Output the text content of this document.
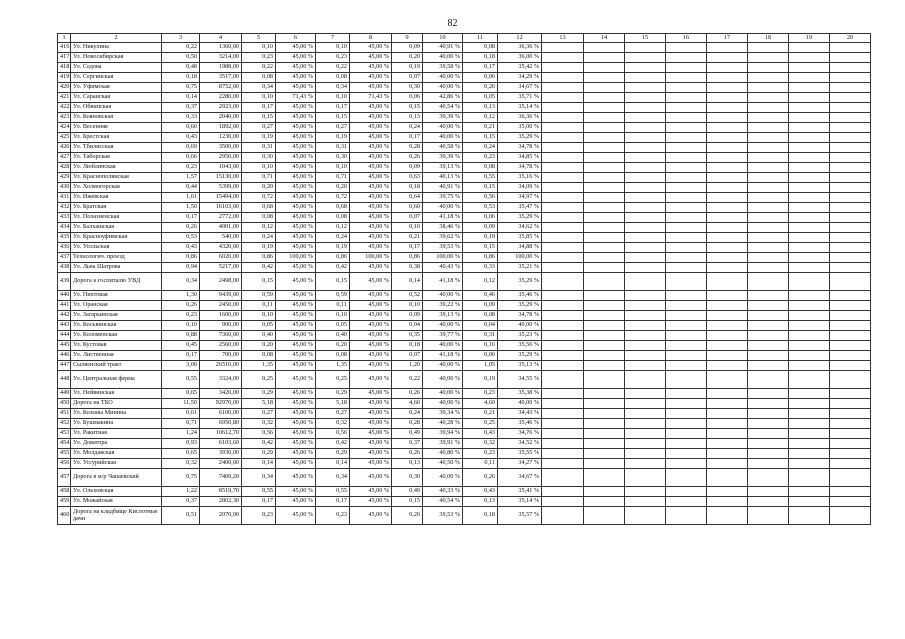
82
1	2	3	4	5	6	7	8	9	10	11	12	13	14	15	16	17	18	19	20
416	Ул. Никулина	0,22	1360,00	0,10	45,00 %	0,10	45,00 %	0,09	40,91 %	0,08	36,36 %								
417	Ул. Новосибирская	0,50	3214,00	0,23	45,00 %	0,23	45,00 %	0,20	40,00 %	0,18	36,00 %								
418	Ул. Седова	0,48	1988,00	0,22	45,00 %	0,22	45,00 %	0,19	39,58 %	0,17	35,42 %								
419	Ул. Сергинская	0,18	3517,00	0,08	45,00 %	0,08	45,00 %	0,07	40,00 %	0,06	34,29 %								
420	Ул. Уфимская	0,75	8752,00	0,34	45,00 %	0,34	45,00 %	0,30	40,00 %	0,26	34,67 %								
421	Ул. Саранская	0,14	2280,00	0,10	71,43 %	0,10	71,43 %	0,06	42,86 %	0,05	35,71 %								
422	Ул. Обвинская	0,37	2923,00	0,17	45,00 %	0,17	45,00 %	0,15	40,54 %	0,13	35,14 %								
423	Ул. Кояновская	0,33	2040,00	0,15	45,00 %	0,15	45,00 %	0,13	39,39 %	0,12	36,36 %								
424	Ул. Весенняя	0,60	1892,00	0,27	45,00 %	0,27	45,00 %	0,24	40,00 %	0,21	35,00 %								
425	Ул. Брестская	0,43	1230,00	0,19	45,00 %	0,19	45,00 %	0,17	40,00 %	0,15	35,29 %								
426	Ул. Тбилисская	0,69	3500,00	0,31	45,00 %	0,31	45,00 %	0,28	40,58 %	0,24	34,78 %								
427	Ул. Таборская	0,66	2950,00	0,30	45,00 %	0,30	45,00 %	0,26	39,39 %	0,23	34,85 %								
428	Ул. Люблинская	0,23	1043,00	0,10	45,00 %	0,10	45,00 %	0,09	39,13 %	0,08	34,78 %								
429	Ул. Краснополянская	1,57	15130,00	0,71	45,00 %	0,71	45,00 %	0,63	40,13 %	0,55	35,16 %								
430	Ул. Холмогорская	0,44	5399,00	0,20	45,00 %	0,20	45,00 %	0,18	40,91 %	0,15	34,09 %								
431	Ул. Ижевская	1,61	15494,00	0,72	45,00 %	0,72	45,00 %	0,64	39,75 %	0,56	34,97 %								
432	Ул. Братская	1,50	16103,00	0,68	45,00 %	0,68	45,00 %	0,60	40,00 %	0,53	35,47 %								
433	Ул. Полазненская	0,17	2772,00	0,08	45,00 %	0,08	45,00 %	0,07	41,18 %	0,06	35,29 %								
434	Ул. Балхашская	0,26	4001,00	0,12	45,00 %	0,12	45,00 %	0,10	38,46 %	0,09	34,62 %								
435	Ул. Красноуфимская	0,53	540,00	0,24	45,00 %	0,24	45,00 %	0,21	39,62 %	0,19	35,85 %								
436	Ул. Усольская	0,43	4320,00	0,19	45,00 %	0,19	45,00 %	0,17	39,53 %	0,15	34,88 %								
437	Технологич. проезд	0,86	6020,00	0,86	100,00 %	0,86	100,00 %	0,86	100,00 %	0,86	100,00 %								
438	Ул. Льва Шатрова	0,94	5217,00	0,42	45,00 %	0,42	45,00 %	0,38	40,43 %	0,33	35,21 %								
439	Дорога к госпиталю УВД	0,34	2498,00	0,15	45,00 %	0,15	45,00 %	0,14	41,18 %	0,12	35,29 %								
440	Ул. Пихтовая	1,30	9439,00	0,59	45,00 %	0,59	45,00 %	0,52	40,00 %	0,46	35,46 %								
441	Ул. Оранская	0,26	2450,00	0,11	45,00 %	0,11	45,00 %	0,10	39,22 %	0,09	35,29 %								
442	Ул. Загарьинская	0,23	1600,00	0,10	45,00 %	0,10	45,00 %	0,09	39,13 %	0,08	34,78 %								
443	Ул. Косьвинская	0,10	900,00	0,05	45,00 %	0,05	45,00 %	0,04	40,00 %	0,04	40,00 %								
444	Ул. Коломенская	0,88	7360,00	0,40	45,00 %	0,40	45,00 %	0,35	39,77 %	0,31	35,23 %								
445	Ул. Кустовая	0,45	2560,00	0,20	45,00 %	0,20	45,00 %	0,18	40,00 %	0,16	35,56 %								
446	Ул. Лиственная	0,17	700,00	0,08	45,00 %	0,08	45,00 %	0,07	41,18 %	0,06	35,29 %								
447	Сылвенский тракт	3,00	26510,00	1,35	45,00 %	1,35	45,00 %	1,20	40,00 %	1,05	35,13 %								
448	Ул. Центральная ферма	0,55	3324,00	0,25	45,00 %	0,25	45,00 %	0,22	40,00 %	0,19	34,55 %								
449	Ул. Нейвинская	0,65	3420,00	0,29	45,00 %	0,29	45,00 %	0,26	40,00 %	0,23	35,38 %								
450	Дорога на ТБО	11,50	92970,00	5,18	45,00 %	5,18	45,00 %	4,60	40,00 %	4,60	40,00 %								
451	Ул. Козьмы Минина	0,61	6100,00	0,27	45,00 %	0,27	45,00 %	0,24	39,34 %	0,21	34,43 %								
452	Ул. Бушмакина	0,71	6950,80	0,32	45,00 %	0,32	45,00 %	0,28	40,28 %	0,25	35,46 %								
453	Ул. Ракитная	1,24	10612,70	0,56	45,00 %	0,56	45,00 %	0,49	39,94 %	0,43	34,76 %								
454	Ул. Доватора	0,93	6103,60	0,42	45,00 %	0,42	45,00 %	0,37	39,91 %	0,32	34,52 %								
455	Ул. Молдавская	0,65	3930,00	0,29	45,00 %	0,29	45,00 %	0,26	40,80 %	0,23	35,55 %								
456	Ул. Уссурийская	0,32	2400,00	0,14	45,00 %	0,14	45,00 %	0,13	40,50 %	0,11	34,27 %								
457	Дорога в м/р Чапаевский	0,75	7409,20	0,34	45,00 %	0,34	45,00 %	0,30	40,00 %	0,26	34,67 %								
458	Ул. Ольховская	1,22	8519,70	0,55	45,00 %	0,55	45,00 %	0,49	40,33 %	0,43	35,41 %								
459	Ул. Можайская	0,37	2802,30	0,17	45,00 %	0,17	45,00 %	0,15	40,54 %	0,13	35,14 %								
460	Дорога на кладбище Кислотные дачи	0,51	2070,90	0,23	45,00 %	0,23	45,00 %	0,20	39,53 %	0,18	35,57 %								
